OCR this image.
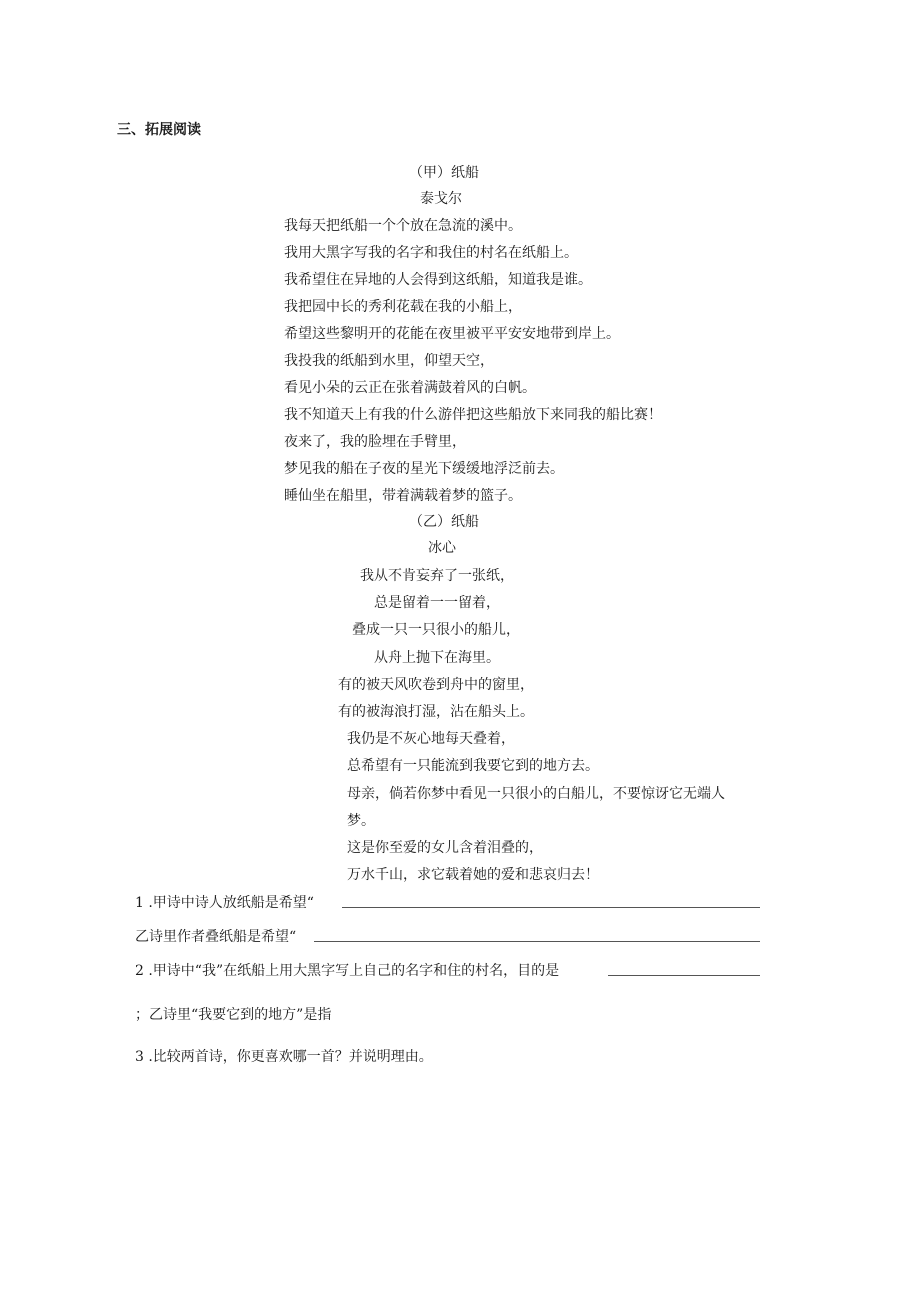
三、拓展阅读
（甲）纸船
泰戈尔
我每天把纸船一个个放在急流的溪中。
我用大黑字写我的名字和我住的村名在纸船上。
我希望住在异地的人会得到这纸船，知道我是谁。
我把园中长的秀利花载在我的小船上，
希望这些黎明开的花能在夜里被平平安安地带到岸上。
我投我的纸船到水里，仰望天空，
看见小朵的云正在张着满鼓着风的白帆。
我不知道天上有我的什么游伴把这些船放下来同我的船比赛！
夜来了，我的脸埋在手臂里，
梦见我的船在子夜的星光下缓缓地浮泛前去。
睡仙坐在船里，带着满载着梦的篮子。
（乙）纸船
冰心
我从不肯妄弃了一张纸，
总是留着一一留着，
叠成一只一只很小的船儿，
从舟上抛下在海里。
有的被天风吹卷到舟中的窗里，
有的被海浪打湿，沾在船头上。
我仍是不灰心地每天叠着，
总希望有一只能流到我要它到的地方去。
母亲，倘若你梦中看见一只很小的白船儿，不要惊讶它无端人
梦。
这是你至爱的女儿含着泪叠的，
万水千山，求它载着她的爱和悲哀归去！
1 .甲诗中诗人放纸船是希望“
乙诗里作者叠纸船是希望“
2 .甲诗中“我”在纸船上用大黑字写上自己的名字和住的村名，目的是
；乙诗里“我要它到的地方”是指
3 .比较两首诗，你更喜欢哪一首？并说明理由。
